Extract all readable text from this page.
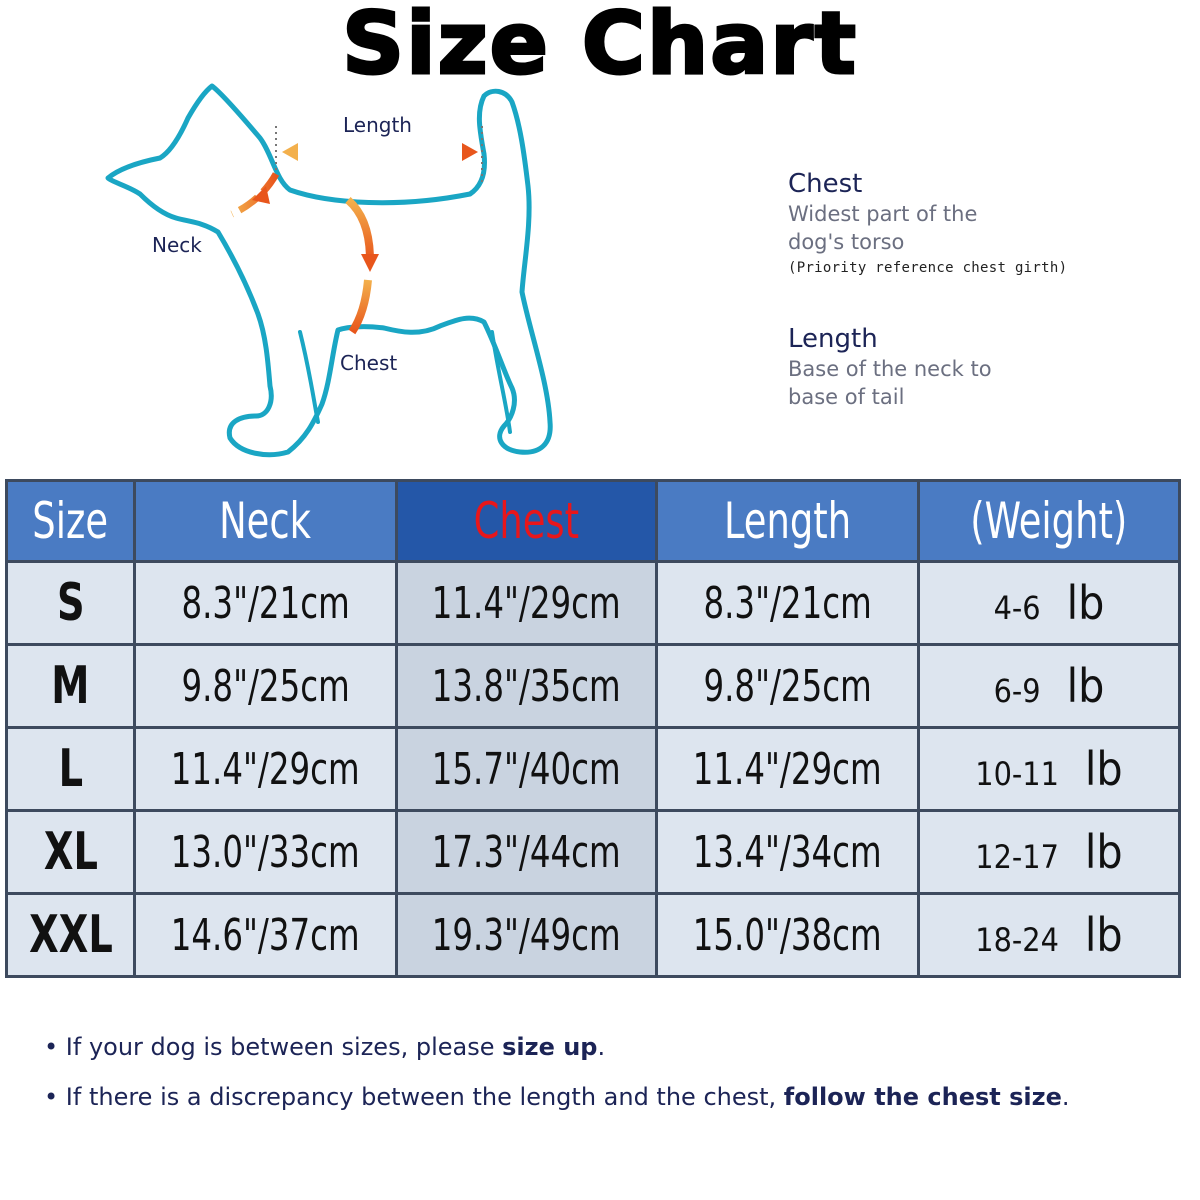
Size Chart
Length
Neck
Chest
Chest
Widest part of the
dog's torso
(Priority reference chest girth)
Length
Base of the neck to
base of tail
Size	Neck	Chest	Length	(Weight)
S	8.3"/21cm	11.4"/29cm	8.3"/21cm	4-6 lb
M	9.8"/25cm	13.8"/35cm	9.8"/25cm	6-9 lb
L	11.4"/29cm	15.7"/40cm	11.4"/29cm	10-11 lb
XL	13.0"/33cm	17.3"/44cm	13.4"/34cm	12-17 lb
XXL	14.6"/37cm	19.3"/49cm	15.0"/38cm	18-24 lb
• If your dog is between sizes, please size up.
• If there is a discrepancy between the length and the chest, follow the chest size.
